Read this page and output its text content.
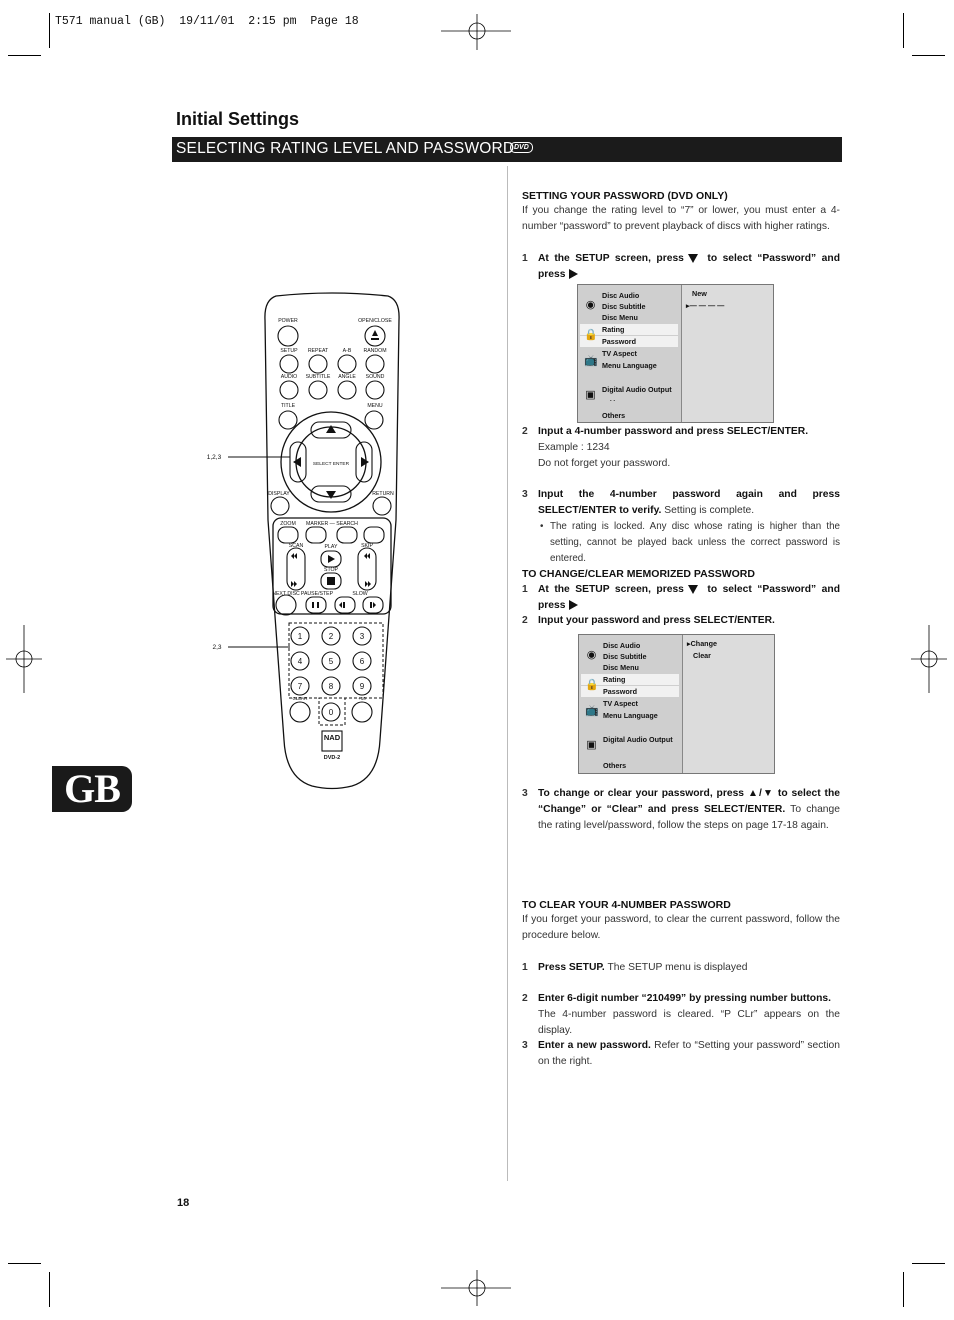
T571 manual (GB)  19/11/01  2:15 pm  Page 18
Initial Settings
SELECTING RATING LEVEL AND PASSWORD DVD
POWER	OPEN/CLOSE
SETUP REPEAT	A-B RANDOM
AUDIO SUBTITLE ANGLE SOUND
TITLE	MENU
SELECT ENTER
DISPLAY	RETURN
ZOOM MARKER — SEARCH
SCAN	PLAY	SKIP
STOP
NEXT DISC PAUSE/STEP	SLOW
CLEAR	+10
1,2,3
2,3
1	2	3
4	5	6
7	8	9
0
NAD
DVD-2
GB
SETTING YOUR PASSWORD (DVD ONLY)
If you change the rating level to “7” or lower, you must enter a 4-number “password” to prevent playback of discs with higher ratings.
1 At the SETUP screen, press to select “Password” and press
◉
🔒
📺
▣
Disc Audio
Disc Subtitle
Disc Menu
Rating
Password
TV Aspect
Menu Language
Digital Audio Output
. .
Others
New
▸— — — —
2 Input a 4-number password and press SELECT/ENTER.
Example : 1234
Do not forget your password.
3 Input the 4-number password again and press SELECT/ENTER to verify. Setting is complete.
• The rating is locked. Any disc whose rating is higher than the setting, cannot be played back unless the correct password is entered.
TO CHANGE/CLEAR MEMORIZED PASSWORD
1 At the SETUP screen, press to select “Password” and press
2 Input your password and press SELECT/ENTER.
◉
🔒
📺
▣
Disc Audio
Disc Subtitle
Disc Menu
Rating
Password
TV Aspect
Menu Language
Digital Audio Output
Others
▸Change
Clear
3 To change or clear your password, press ▲/▼ to select the “Change” or “Clear” and press SELECT/ENTER. To change the rating level/password, follow the steps on page 17-18 again.
TO CLEAR YOUR 4-NUMBER PASSWORD
If you forget your password, to clear the current password, follow the procedure below.
1 Press SETUP. The SETUP menu is displayed
2 Enter 6-digit number “210499” by pressing number buttons.
The 4-number password is cleared. “P CLr” appears on the display.
3 Enter a new password. Refer to “Setting your password” section on the right.
18
